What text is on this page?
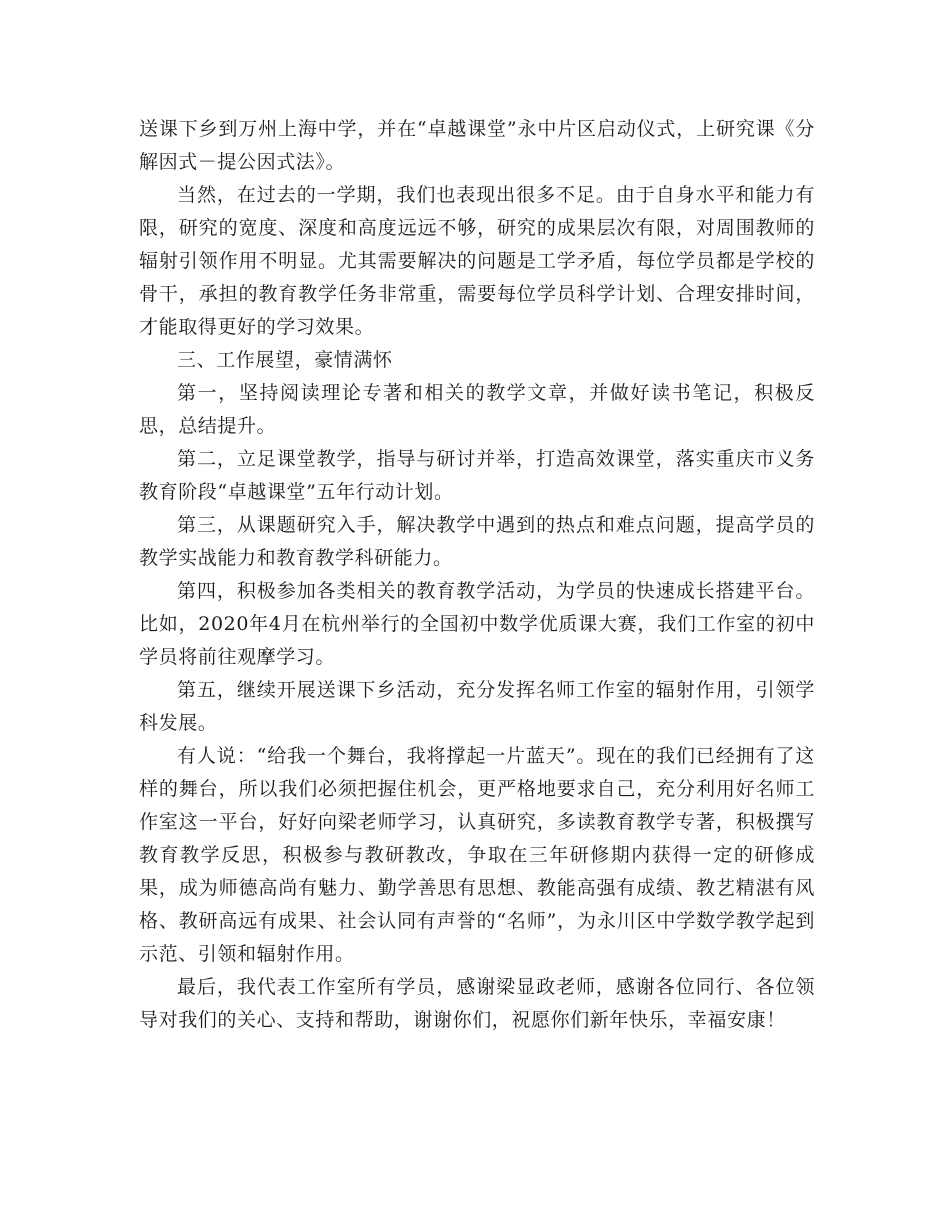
送课下乡到万州上海中学，并在“卓越课堂”永中片区启动仪式，上研究课《分解因式－提公因式法》。

当然，在过去的一学期，我们也表现出很多不足。由于自身水平和能力有限，研究的宽度、深度和高度远远不够，研究的成果层次有限，对周围教师的辐射引领作用不明显。尤其需要解决的问题是工学矛盾，每位学员都是学校的骨干，承担的教育教学任务非常重，需要每位学员科学计划、合理安排时间，才能取得更好的学习效果。

三、工作展望，豪情满怀

第一，坚持阅读理论专著和相关的教学文章，并做好读书笔记，积极反思，总结提升。

第二，立足课堂教学，指导与研讨并举，打造高效课堂，落实重庆市义务教育阶段“卓越课堂”五年行动计划。

第三，从课题研究入手，解决教学中遇到的热点和难点问题，提高学员的教学实战能力和教育教学科研能力。

第四，积极参加各类相关的教育教学活动，为学员的快速成长搭建平台。比如，2020年4月在杭州举行的全国初中数学优质课大赛，我们工作室的初中学员将前往观摩学习。

第五，继续开展送课下乡活动，充分发挥名师工作室的辐射作用，引领学科发展。

有人说：“给我一个舞台，我将撑起一片蓝天”。现在的我们已经拥有了这样的舞台，所以我们必须把握住机会，更严格地要求自己，充分利用好名师工作室这一平台，好好向梁老师学习，认真研究，多读教育教学专著，积极撰写教育教学反思，积极参与教研教改，争取在三年研修期内获得一定的研修成果，成为师德高尚有魅力、勤学善思有思想、教能高强有成绩、教艺精湛有风格、教研高远有成果、社会认同有声誉的“名师”，为永川区中学数学教学起到示范、引领和辐射作用。

最后，我代表工作室所有学员，感谢梁显政老师，感谢各位同行、各位领导对我们的关心、支持和帮助，谢谢你们，祝愿你们新年快乐，幸福安康！
